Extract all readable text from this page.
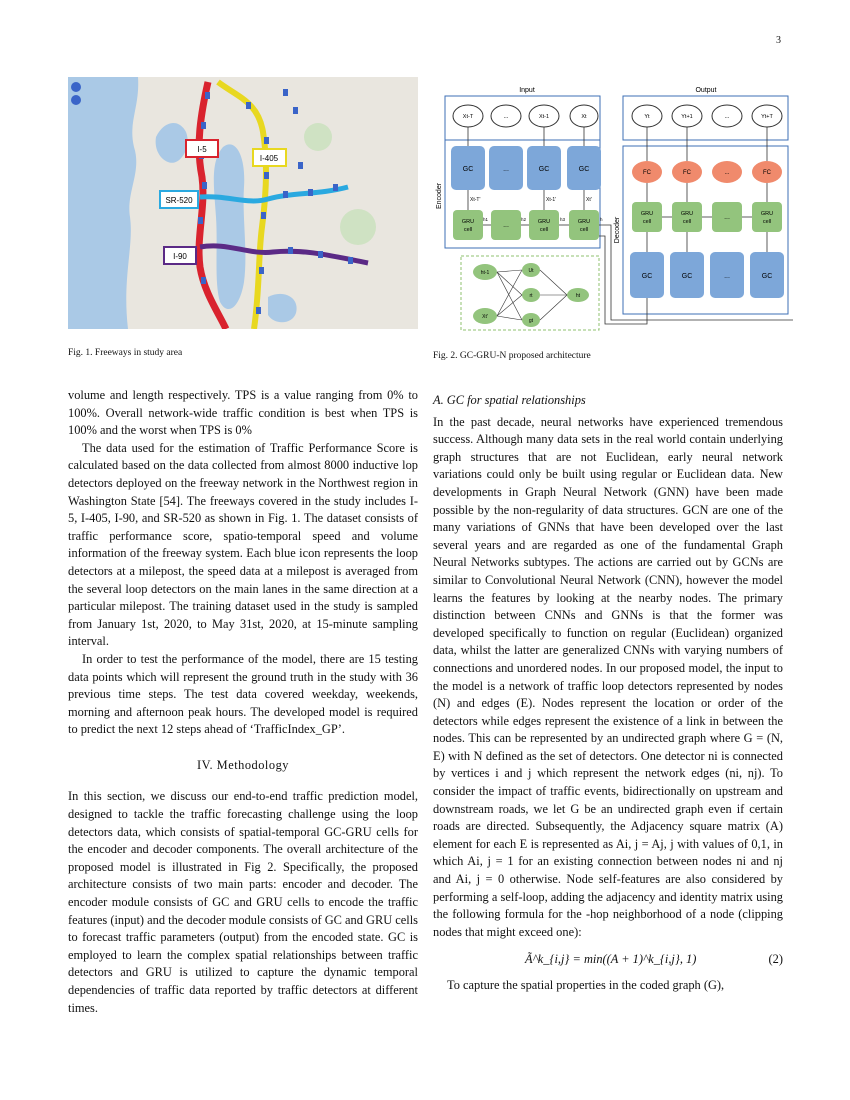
3
I-5
I-405
SR-520
I-90
Fig. 1. Freeways in study area
Input	Output
Encoder
Xt-T	...	Xt-1	Xt
GC	...	GC	GC
Xt-T'	Xt-1'	Xt'
GRU
cell
...	GRU
cell
GRU
cell
h1	h2	h3	h
ht-1
Xt'
Ut
rt
gt
ht
Decoder
Yt	Yt+1	...	Yt+T
FC	FC	...	FC
GRU
cell
GRU
cell
...	GRU
cell
GC	GC	...	GC
Fig. 2. GC-GRU-N proposed architecture

volume and length respectively. TPS is a value ranging from 0% to 100%. Overall network-wide traffic condition is best when TPS is 100% and the worst when TPS is 0%

The data used for the estimation of Traffic Performance Score is calculated based on the data collected from almost 8000 inductive lop detectors deployed on the freeway network in the Northwest region in Washington State [54]. The freeways covered in the study includes I-5, I-405, I-90, and SR-520 as shown in Fig. 1. The dataset consists of traffic performance score, spatio-temporal speed and volume information of the freeway system. Each blue icon represents the loop detectors at a milepost, the speed data at a milepost is averaged from the several loop detectors on the main lanes in the same direction at a particular milepost. The training dataset used in the study is sampled from January 1st, 2020, to May 31st, 2020, at 15-minute sampling interval.

In order to test the performance of the model, there are 15 testing data points which will represent the ground truth in the study with 36 previous time steps. The test data covered weekday, weekends, morning and afternoon peak hours. The developed model is required to predict the next 12 steps ahead of ‘TrafficIndex_GP’.

IV. Methodology

In this section, we discuss our end-to-end traffic prediction model, designed to tackle the traffic forecasting challenge using the loop detectors data, which consists of spatial-temporal GC-GRU cells for the encoder and decoder components. The overall architecture of the proposed model is illustrated in Fig 2. Specifically, the proposed architecture consists of two main parts: encoder and decoder. The encoder module consists of GC and GRU cells to encode the traffic features (input) and the decoder module consists of GC and GRU cells to forecast traffic parameters (output) from the encoded state. GC is employed to learn the complex spatial relationships between traffic detectors and GRU is utilized to capture the dynamic temporal dependencies of traffic data reported by traffic detectors at different times.

A. GC for spatial relationships

In the past decade, neural networks have experienced tremendous success. Although many data sets in the real world contain underlying graph structures that are not Euclidean, early neural network variations could only be built using regular or Euclidean data. New developments in Graph Neural Network (GNN) have been made possible by the non-regularity of data structures. GCN are one of the many variations of GNNs that have been developed over the last several years and are regarded as one of the fundamental Graph Neural Networks subtypes. The actions are carried out by GCNs are similar to Convolutional Neural Network (CNN), however the model learns the features by looking at the nearby nodes. The primary distinction between CNNs and GNNs is that the former was developed specifically to function on regular (Euclidean) organized data, whilst the latter are generalized CNNs with varying numbers of connections and unordered nodes. In our proposed model, the input to the model is a network of traffic loop detectors represented by nodes (N) and edges (E). Nodes represent the location or order of the detectors while edges represent the existence of a link in between the nodes. This can be represented by an undirected graph where G = (N, E) with N defined as the set of detectors. One detector ni is connected by vertices i and j which represent the network edges (ni, nj). To consider the impact of traffic events, bidirectionally on upstream and downstream roads, we let G be an undirected graph even if certain roads are directed. Subsequently, the Adjacency square matrix (A) element for each E is represented as Ai, j = Aj, j with values of 0,1, in which Ai, j = 1 for an existing connection between nodes ni and nj and Ai, j = 0 otherwise. Node self-features are also considered by performing a self-loop, adding the adjacency and identity matrix using the following formula for the -hop neighborhood of a node (clipping nodes that might exceed one):

Ã^k_{i,j} = min((A + 1)^k_{i,j}, 1)	(2)

To capture the spatial properties in the coded graph (G),
